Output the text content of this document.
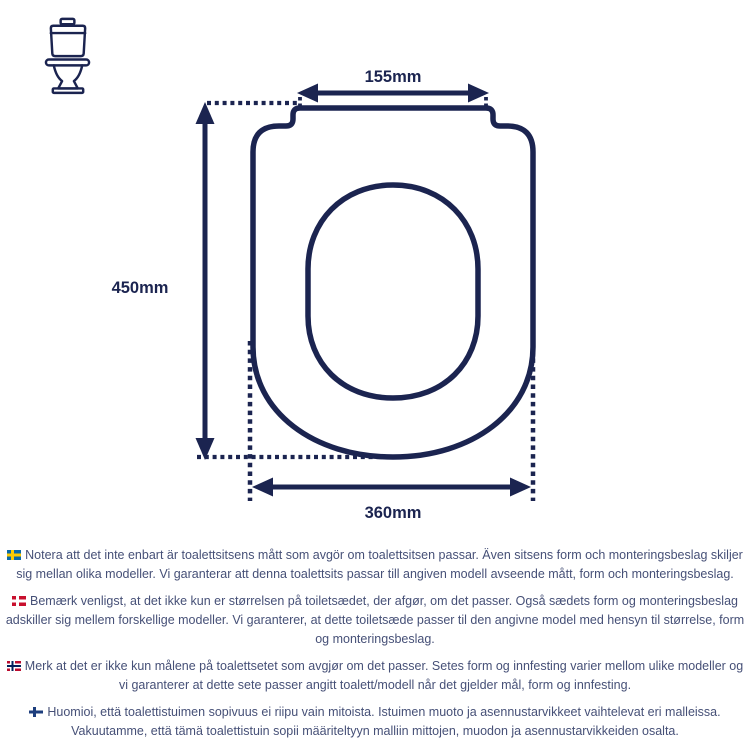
155mm
450mm
360mm

Notera att det inte enbart är toalettsitsens mått som avgör om toalettsitsen passar. Även sitsens form och monteringsbeslag skiljer sig mellan olika modeller. Vi garanterar att denna toalettsits passar till angiven modell avseende mått, form och monteringsbeslag.

Bemærk venligst, at det ikke kun er størrelsen på toiletsædet, der afgør, om det passer. Også sædets form og monteringsbeslag adskiller sig mellem forskellige modeller. Vi garanterer, at dette toiletsæde passer til den angivne model med hensyn til størrelse, form og monteringsbeslag.

Merk at det er ikke kun målene på toalettsetet som avgjør om det passer. Setes form og innfesting varier mellom ulike modeller og vi garanterer at dette sete passer angitt toalett/modell når det gjelder mål, form og innfesting.

Huomioi, että toalettistuimen sopivuus ei riipu vain mitoista. Istuimen muoto ja asennustarvikkeet vaihtelevat eri malleissa. Vakuutamme, että tämä toalettistuin sopii määriteltyyn malliin mittojen, muodon ja asennustarvikkeiden osalta.
